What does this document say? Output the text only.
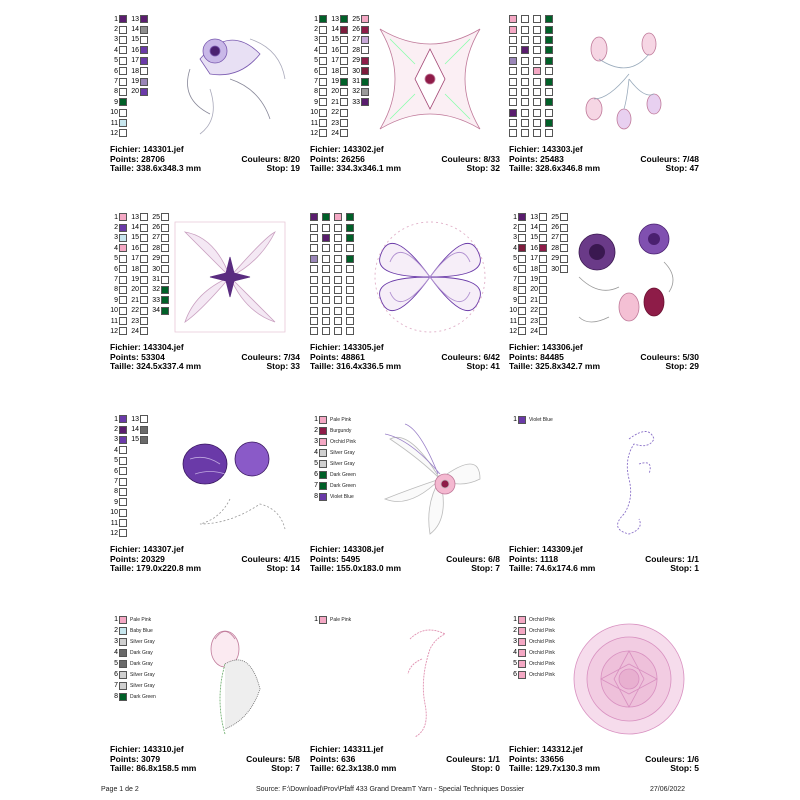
1
2
3
4
5
6
7
8
9
10
11
12
13
14
15
16
17
18
19
20
Fichier: 143301.jef
Points: 28706	Couleurs: 8/20
Taille: 338.6x348.3 mm	Stop: 19
1
2
3
4
5
6
7
8
9
10
11
12
13
14
15
16
17
18
19
20
21
22
23
24
25
26
27
28
29
30
31
32
33
Fichier: 143302.jef
Points: 26256	Couleurs: 8/33
Taille: 334.3x346.1 mm	Stop: 32
Fichier: 143303.jef
Points: 25483	Couleurs: 7/48
Taille: 328.6x346.8 mm	Stop: 47
1
2
3
4
5
6
7
8
9
10
11
12
13
14
15
16
17
18
19
20
21
22
23
24
25
26
27
28
29
30
31
32
33
34
Fichier: 143304.jef
Points: 53304	Couleurs: 7/34
Taille: 324.5x337.4 mm	Stop: 33
Fichier: 143305.jef
Points: 48861	Couleurs: 6/42
Taille: 316.4x336.5 mm	Stop: 41
1
2
3
4
5
6
7
8
9
10
11
12
13
14
15
16
17
18
19
20
21
22
23
24
25
26
27
28
29
30
Fichier: 143306.jef
Points: 84485	Couleurs: 5/30
Taille: 325.8x342.7 mm	Stop: 29
1
2
3
4
5
6
7
8
9
10
11
12
13
14
15
Fichier: 143307.jef
Points: 20329	Couleurs: 4/15
Taille: 179.0x220.8 mm	Stop: 14
1 Pale Pink
2 Burgundy
3 Orchid Pink
4 Silver Gray
5 Silver Gray
6 Dark Green
7 Dark Green
8 Violet Blue
Fichier: 143308.jef
Points: 5495	Couleurs: 6/8
Taille: 155.0x183.0 mm	Stop: 7
1 Violet Blue
Fichier: 143309.jef
Points: 1118	Couleurs: 1/1
Taille: 74.6x174.6 mm	Stop: 1
1 Pale Pink
2 Baby Blue
3 Silver Gray
4 Dark Gray
5 Dark Gray
6 Silver Gray
7 Silver Gray
8 Dark Green
Fichier: 143310.jef
Points: 3079	Couleurs: 5/8
Taille: 86.8x158.5 mm	Stop: 7
1 Pale Pink
Fichier: 143311.jef
Points: 636	Couleurs: 1/1
Taille: 62.3x138.0 mm	Stop: 0
1 Orchid Pink
2 Orchid Pink
3 Orchid Pink
4 Orchid Pink
5 Orchid Pink
6 Orchid Pink
Fichier: 143312.jef
Points: 33656	Couleurs: 1/6
Taille: 129.7x130.3 mm	Stop: 5
Page 1 de 2	Source: F:\Download\Prov\Pfaff 433 Grand DreamT Yarn - Special Techniques Dossier	27/06/2022
